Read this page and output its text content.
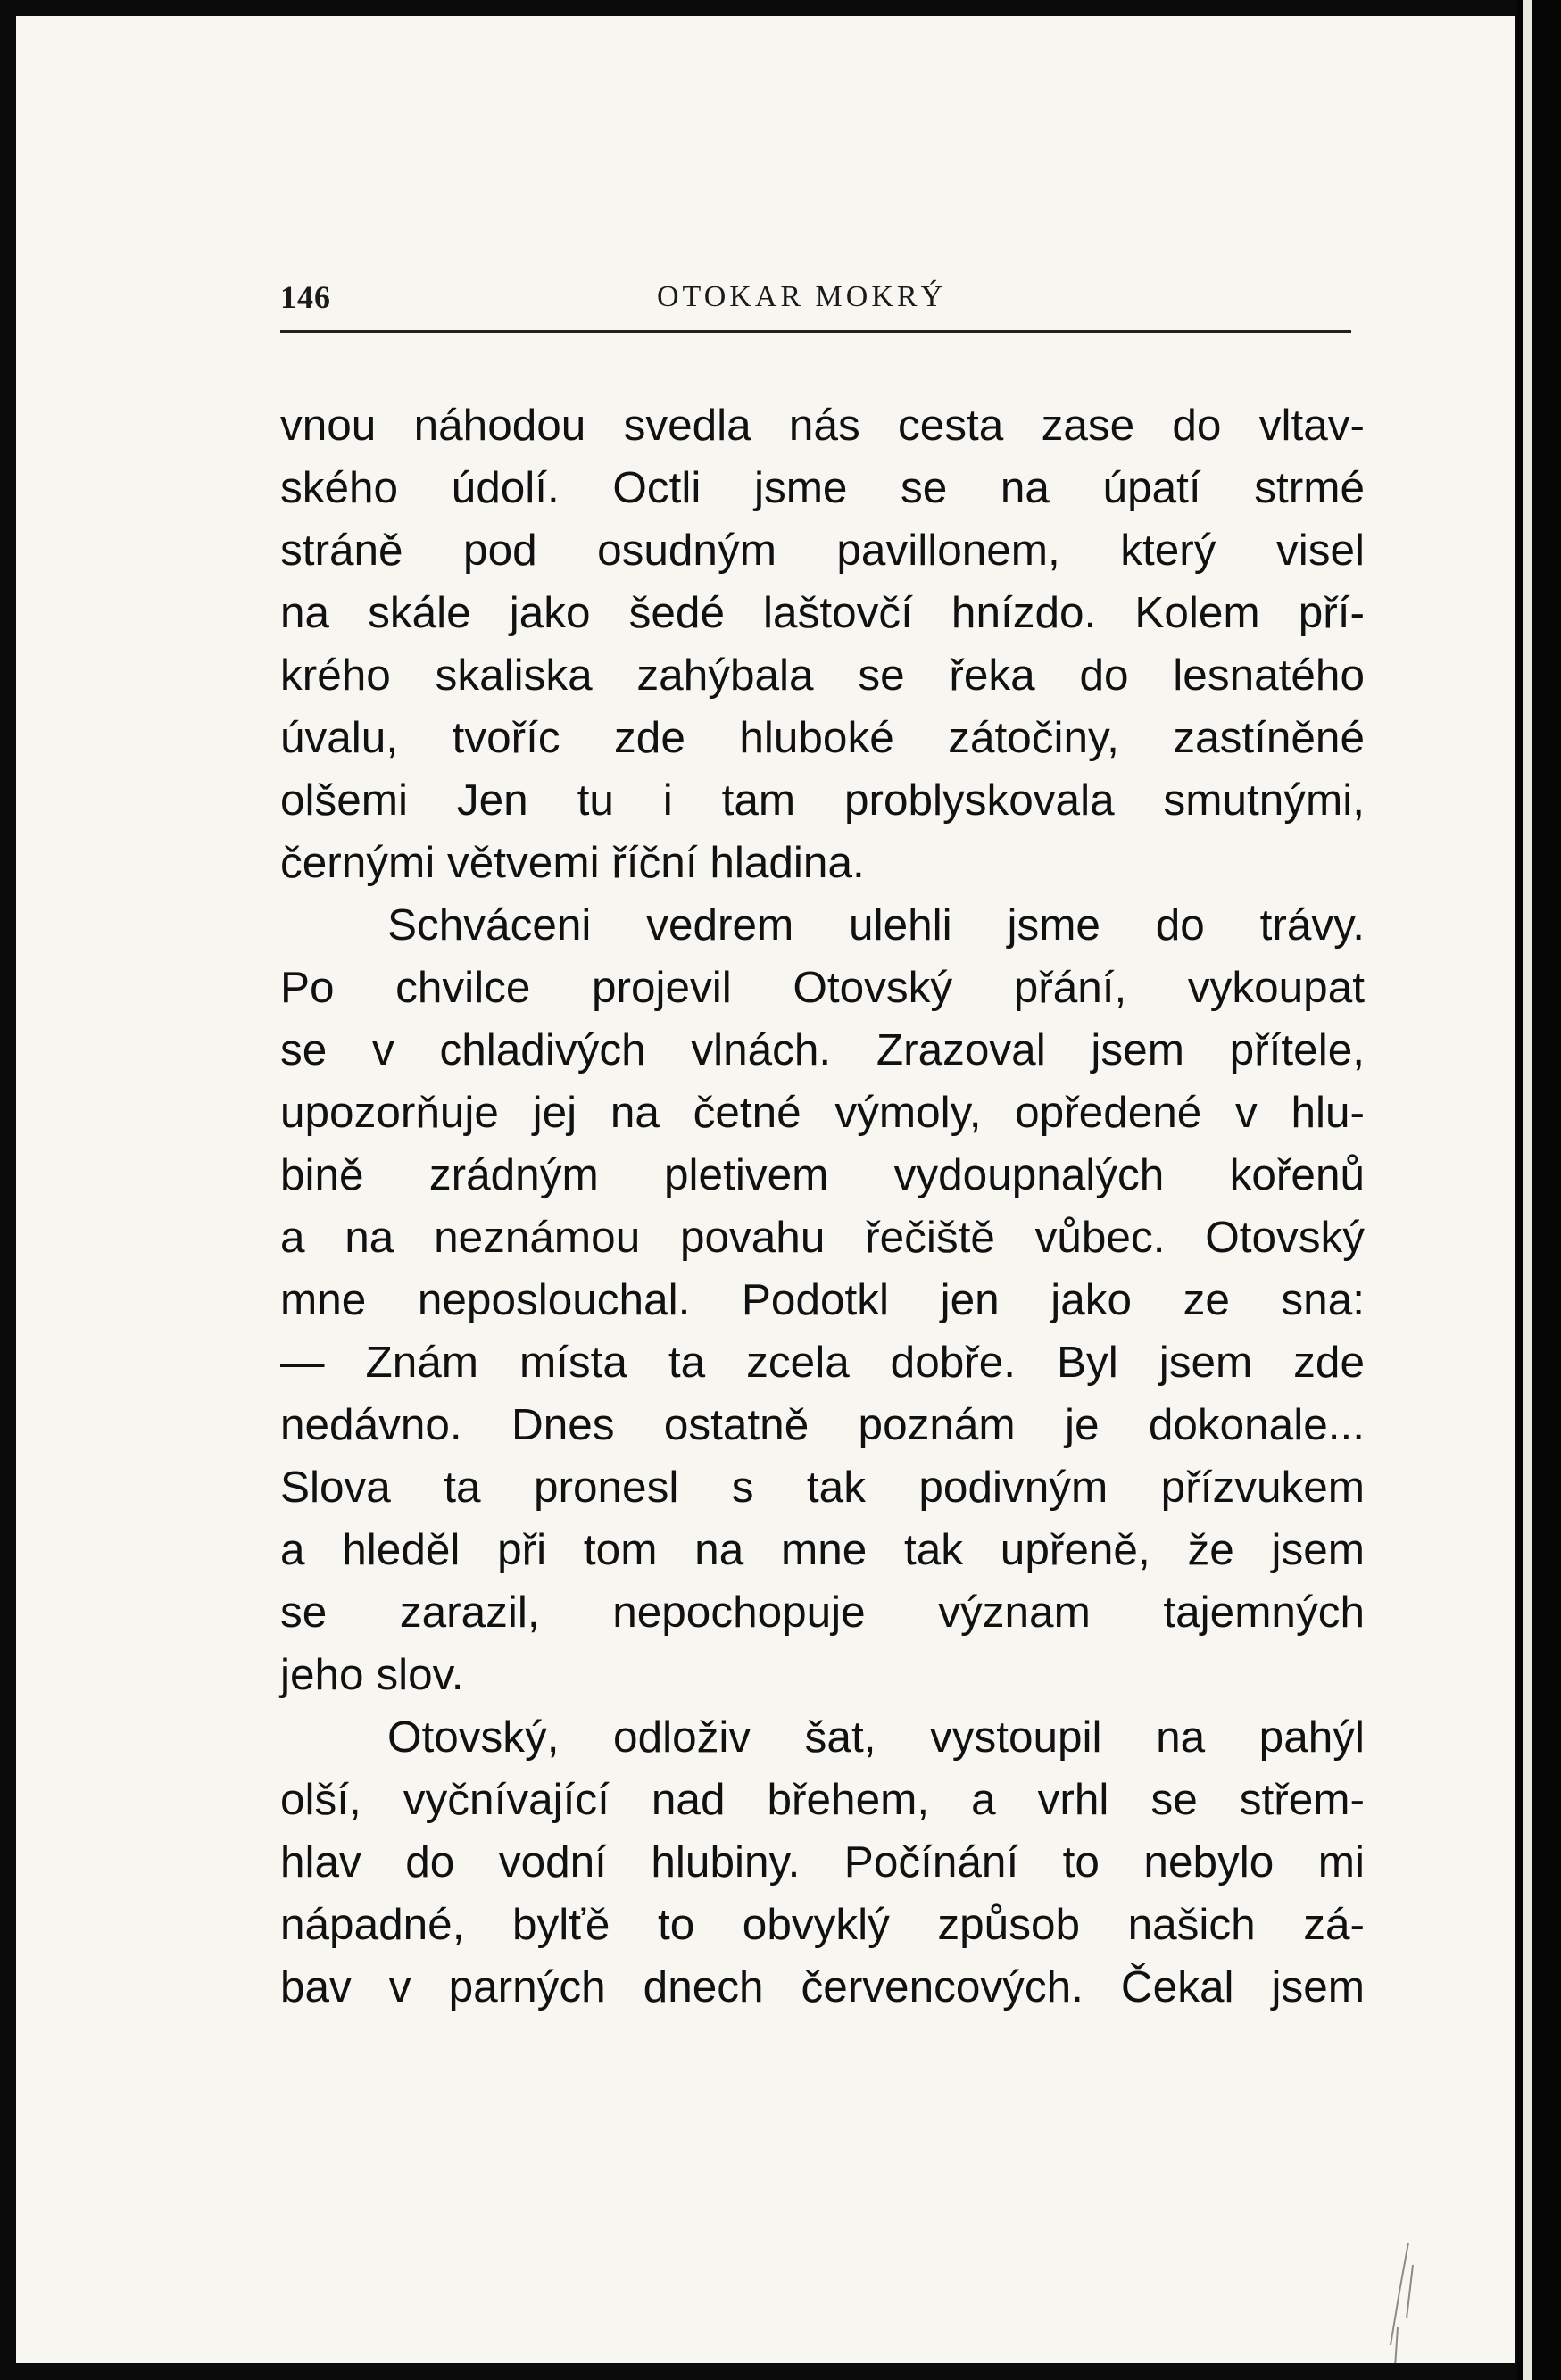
146	OTOKAR MOKRÝ
vnou náhodou svedla nás cesta zase do vltav-
ského údolí. Octli jsme se na úpatí strmé
stráně pod osudným pavillonem, který visel
na skále jako šedé laštovčí hnízdo. Kolem pří-
krého skaliska zahýbala se řeka do lesnatého
úvalu, tvoříc zde hluboké zátočiny, zastíněné
olšemi Jen tu i tam problyskovala smutnými,
černými větvemi říční hladina.
Schváceni vedrem ulehli jsme do trávy.
Po chvilce projevil Otovský přání, vykoupat
se v chladivých vlnách. Zrazoval jsem přítele,
upozorňuje jej na četné výmoly, opředené v hlu-
bině zrádným pletivem vydoupnalých kořenů
a na neznámou povahu řečiště vůbec. Otovský
mne neposlouchal. Podotkl jen jako ze sna:
— Znám místa ta zcela dobře. Byl jsem zde
nedávno. Dnes ostatně poznám je dokonale...
Slova ta pronesl s tak podivným přízvukem
a hleděl při tom na mne tak upřeně, že jsem
se zarazil, nepochopuje význam tajemných
jeho slov.
Otovský, odloživ šat, vystoupil na pahýl
olší, vyčnívající nad břehem, a vrhl se střem-
hlav do vodní hlubiny. Počínání to nebylo mi
nápadné, bylťě to obvyklý způsob našich zá-
bav v parných dnech červencových. Čekal jsem
